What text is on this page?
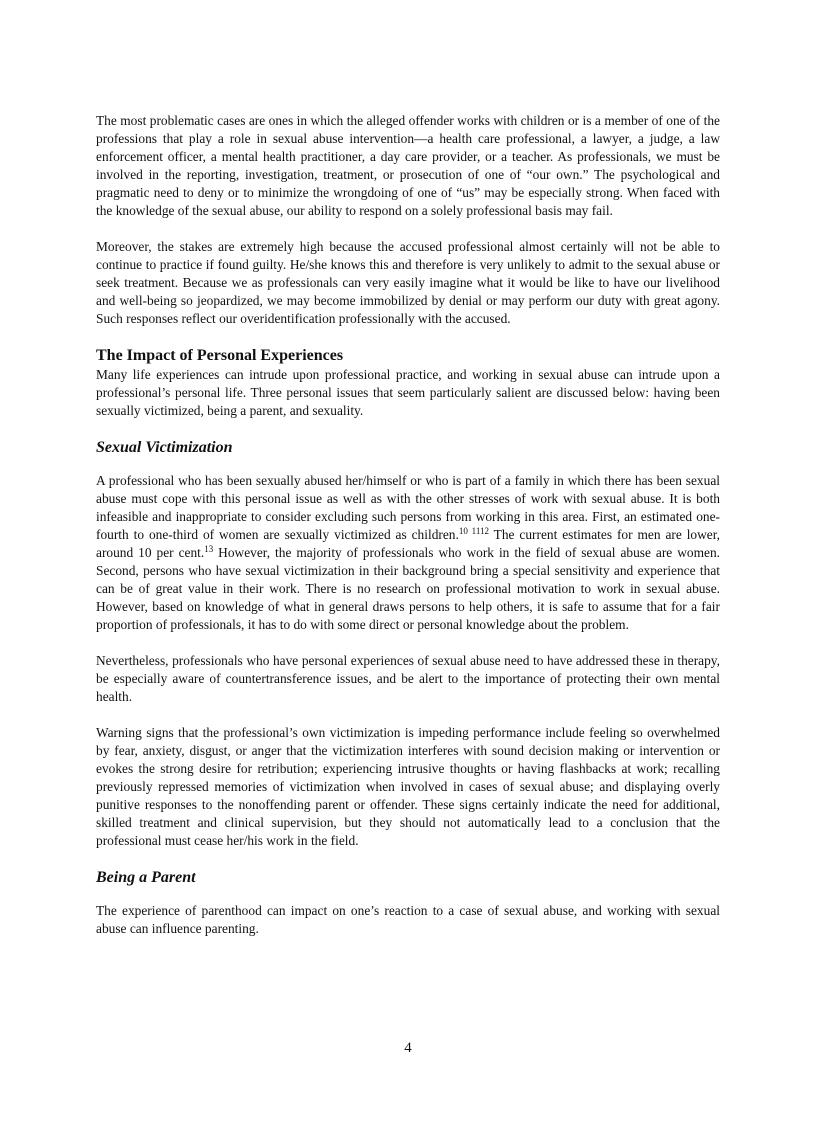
The most problematic cases are ones in which the alleged offender works with children or is a member of one of the professions that play a role in sexual abuse intervention—a health care professional, a lawyer, a judge, a law enforcement officer, a mental health practitioner, a day care provider, or a teacher. As professionals, we must be involved in the reporting, investigation, treatment, or prosecution of one of “our own.” The psychological and pragmatic need to deny or to minimize the wrongdoing of one of “us” may be especially strong. When faced with the knowledge of the sexual abuse, our ability to respond on a solely professional basis may fail.

Moreover, the stakes are extremely high because the accused professional almost certainly will not be able to continue to practice if found guilty. He/she knows this and therefore is very unlikely to admit to the sexual abuse or seek treatment. Because we as professionals can very easily imagine what it would be like to have our livelihood and well-being so jeopardized, we may become immobilized by denial or may perform our duty with great agony. Such responses reflect our overidentification professionally with the accused.

The Impact of Personal Experiences

Many life experiences can intrude upon professional practice, and working in sexual abuse can intrude upon a professional’s personal life. Three personal issues that seem particularly salient are discussed below: having been sexually victimized, being a parent, and sexuality.

Sexual Victimization

A professional who has been sexually abused her/himself or who is part of a family in which there has been sexual abuse must cope with this personal issue as well as with the other stresses of work with sexual abuse. It is both infeasible and inappropriate to consider excluding such persons from working in this area. First, an estimated one-fourth to one-third of women are sexually victimized as children.$^{10 1112}$ The current estimates for men are lower, around 10 per cent.$^{13}$ However, the majority of professionals who work in the field of sexual abuse are women. Second, persons who have sexual victimization in their background bring a special sensitivity and experience that can be of great value in their work. There is no research on professional motivation to work in sexual abuse. However, based on knowledge of what in general draws persons to help others, it is safe to assume that for a fair proportion of professionals, it has to do with some direct or personal knowledge about the problem.

Nevertheless, professionals who have personal experiences of sexual abuse need to have addressed these in therapy, be especially aware of countertransference issues, and be alert to the importance of protecting their own mental health.

Warning signs that the professional’s own victimization is impeding performance include feeling so overwhelmed by fear, anxiety, disgust, or anger that the victimization interferes with sound decision making or intervention or evokes the strong desire for retribution; experiencing intrusive thoughts or having flashbacks at work; recalling previously repressed memories of victimization when involved in cases of sexual abuse; and displaying overly punitive responses to the nonoffending parent or offender. These signs certainly indicate the need for additional, skilled treatment and clinical supervision, but they should not automatically lead to a conclusion that the professional must cease her/his work in the field.

Being a Parent

The experience of parenthood can impact on one’s reaction to a case of sexual abuse, and working with sexual abuse can influence parenting.

4
